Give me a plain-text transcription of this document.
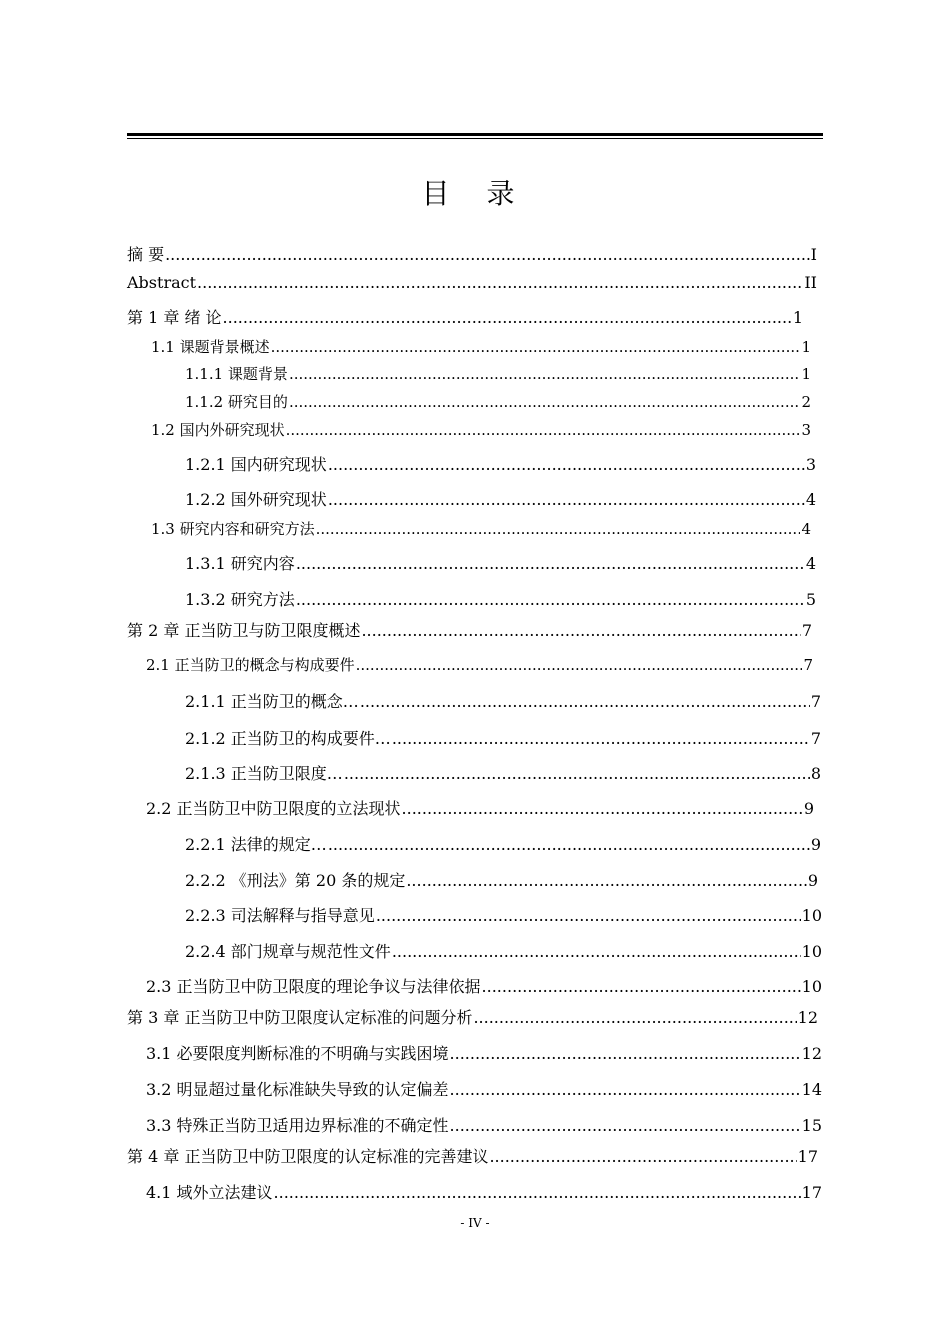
目 录
摘 要 .....	I
Abstract .....	II
第 1 章 绪 论 .....	1
1.1 课题背景概述 .....	1
1.1.1 课题背景 .....	1
1.1.2 研究目的 .....	2
1.2 国内外研究现状 .....	3
1.2.1 国内研究现状 .....	3
1.2.2 国外研究现状 .....	4
1.3 研究内容和研究方法 .....	4
1.3.1 研究内容 .....	4
1.3.2 研究方法 .....	5
第 2 章 正当防卫与防卫限度概述 .....	7
2.1 正当防卫的概念与构成要件 .....	7
2.1.1 正当防卫的概念… .....	7
2.1.2 正当防卫的构成要件… .....	7
2.1.3 正当防卫限度… .....	8
2.2 正当防卫中防卫限度的立法现状 .....	9
2.2.1 法律的规定… .....	9
2.2.2 《刑法》第 20 条的规定 .....	9
2.2.3 司法解释与指导意见 .....	10
2.2.4 部门规章与规范性文件 .....	10
2.3 正当防卫中防卫限度的理论争议与法律依据 .....	10
第 3 章 正当防卫中防卫限度认定标准的问题分析 .....	12
3.1 必要限度判断标准的不明确与实践困境 .....	12
3.2 明显超过量化标准缺失导致的认定偏差 .....	14
3.3 特殊正当防卫适用边界标准的不确定性 .....	15
第 4 章 正当防卫中防卫限度的认定标准的完善建议 .....	17
4.1 域外立法建议 .....	17
- IV -
